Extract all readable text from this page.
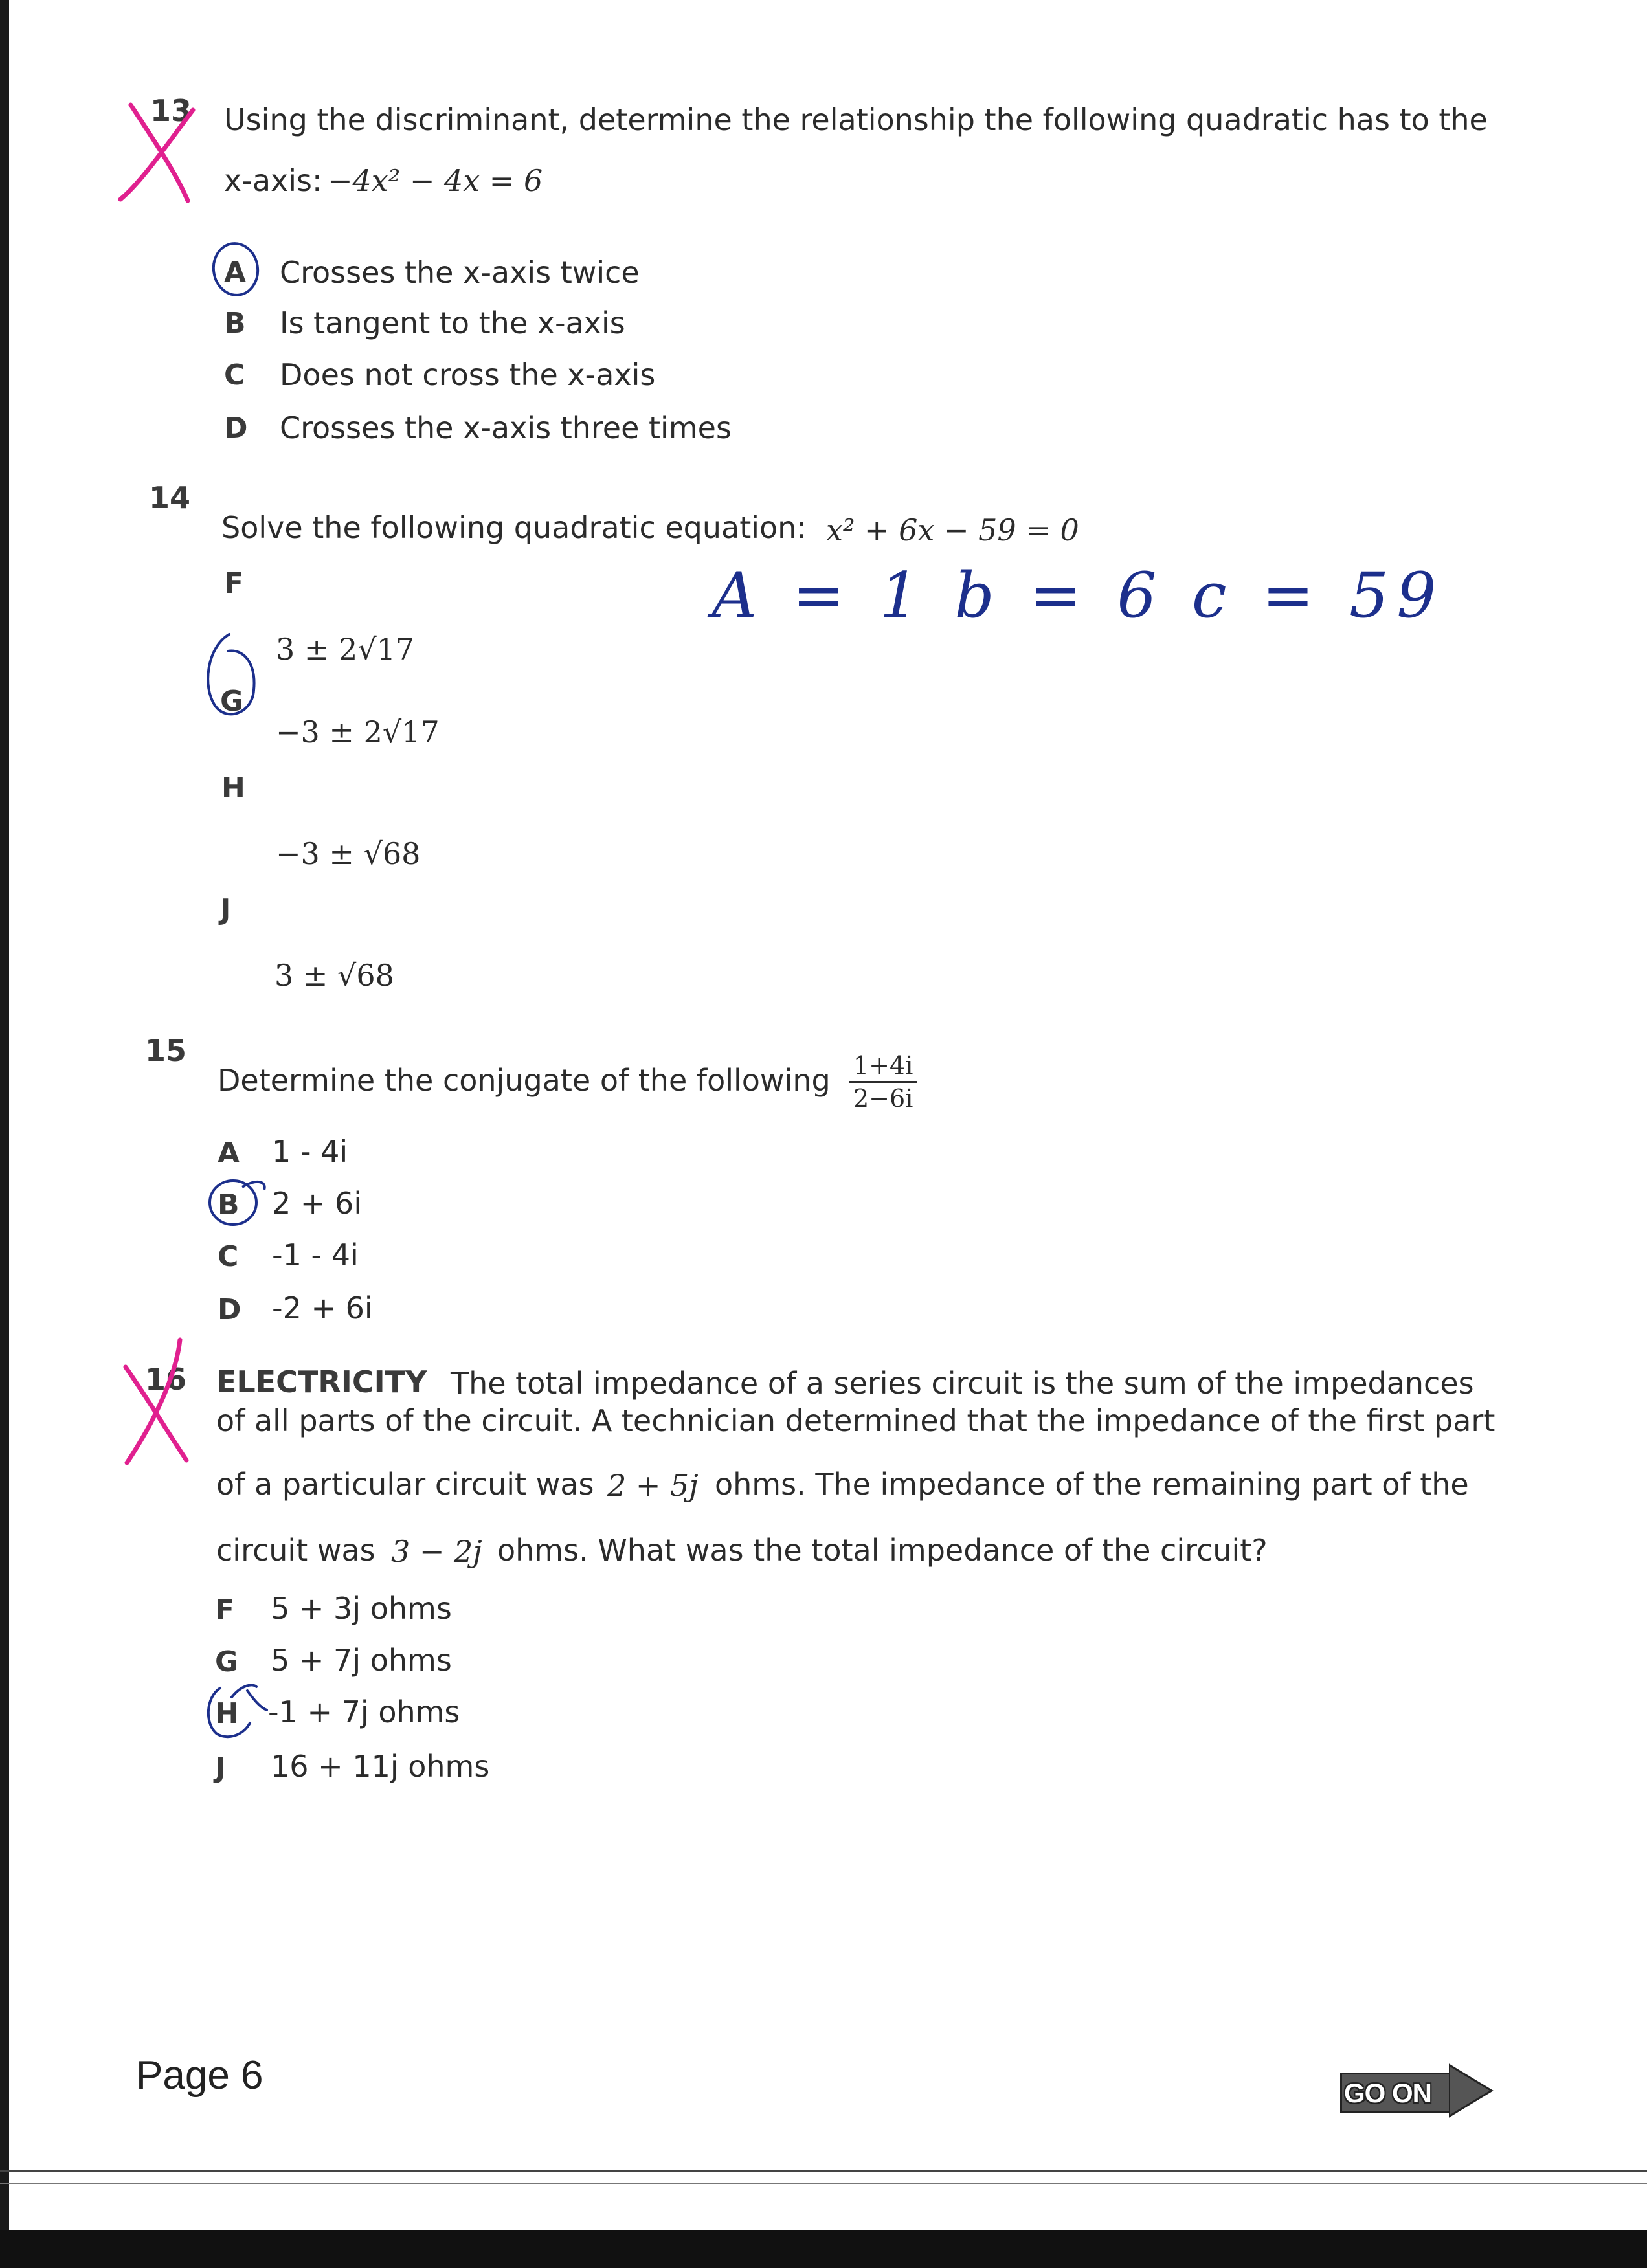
13 Using the discriminant, determine the relationship the following quadratic has to the
x-axis: −4x² − 4x = 6
A Crosses the x-axis twice
B Is tangent to the x-axis
C Does not cross the x-axis
D Crosses the x-axis three times
14
Solve the following quadratic equation: x² + 6x − 59 = 0
A = 1 b = 6 c = 59
F
3 ± 2√17
G
−3 ± 2√17
H
−3 ± √68
J
3 ± √68
15
Determine the conjugate of the following $\frac{1+4i}{2-6i}$
A 1 - 4i
B 2 + 6i
C -1 - 4i
D -2 + 6i
16 ELECTRICITY The total impedance of a series circuit is the sum of the impedances
of all parts of the circuit. A technician determined that the impedance of the first part
of a particular circuit was 2 + 5j ohms. The impedance of the remaining part of the
circuit was 3 − 2j ohms. What was the total impedance of the circuit?
F 5 + 3j ohms
G 5 + 7j ohms
H -1 + 7j ohms
J 16 + 11j ohms
Page 6	GO ON
